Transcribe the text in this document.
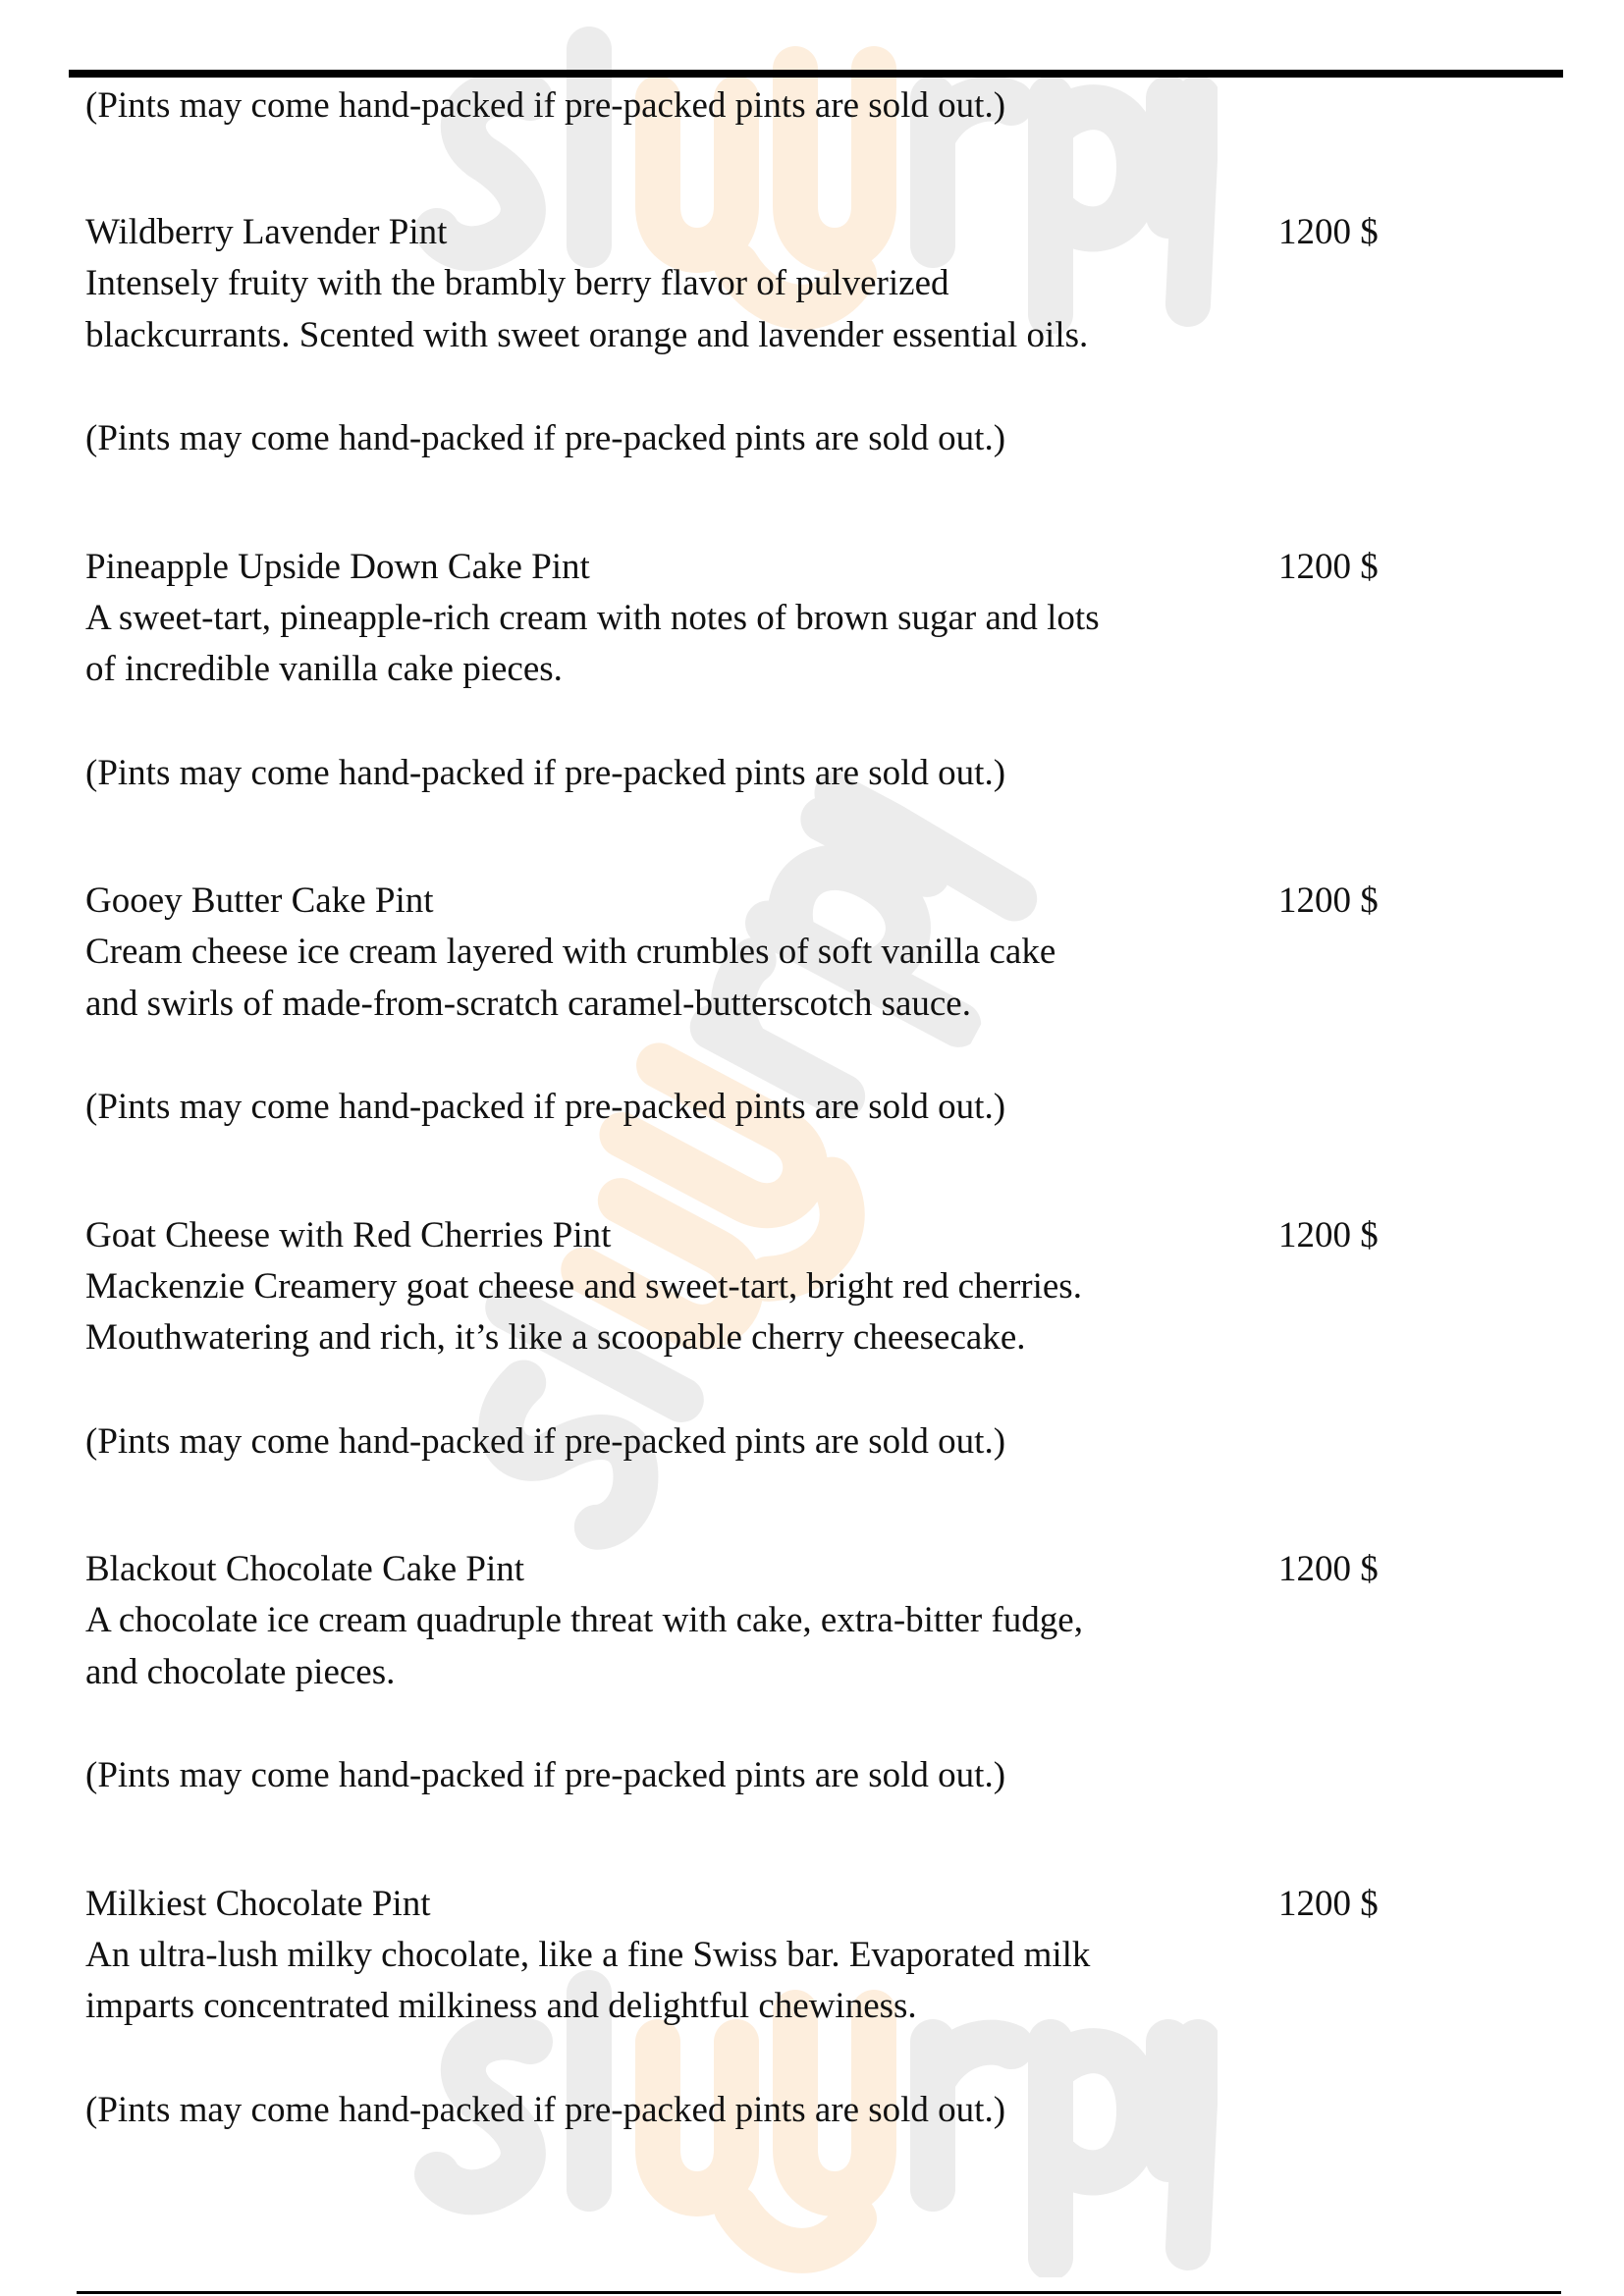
(Pints may come hand-packed if pre-packed pints are sold out.)
Wildberry Lavender Pint	1200 $
Intensely fruity with the brambly berry flavor of pulverized
blackcurrants. Scented with sweet orange and lavender essential oils.
(Pints may come hand-packed if pre-packed pints are sold out.)
Pineapple Upside Down Cake Pint	1200 $
A sweet-tart, pineapple-rich cream with notes of brown sugar and lots
of incredible vanilla cake pieces.
(Pints may come hand-packed if pre-packed pints are sold out.)
Gooey Butter Cake Pint	1200 $
Cream cheese ice cream layered with crumbles of soft vanilla cake
and swirls of made-from-scratch caramel-butterscotch sauce.
(Pints may come hand-packed if pre-packed pints are sold out.)
Goat Cheese with Red Cherries Pint	1200 $
Mackenzie Creamery goat cheese and sweet-tart, bright red cherries.
Mouthwatering and rich, it’s like a scoopable cherry cheesecake.
(Pints may come hand-packed if pre-packed pints are sold out.)
Blackout Chocolate Cake Pint	1200 $
A chocolate ice cream quadruple threat with cake, extra-bitter fudge,
and chocolate pieces.
(Pints may come hand-packed if pre-packed pints are sold out.)
Milkiest Chocolate Pint	1200 $
An ultra-lush milky chocolate, like a fine Swiss bar. Evaporated milk
imparts concentrated milkiness and delightful chewiness.
(Pints may come hand-packed if pre-packed pints are sold out.)
